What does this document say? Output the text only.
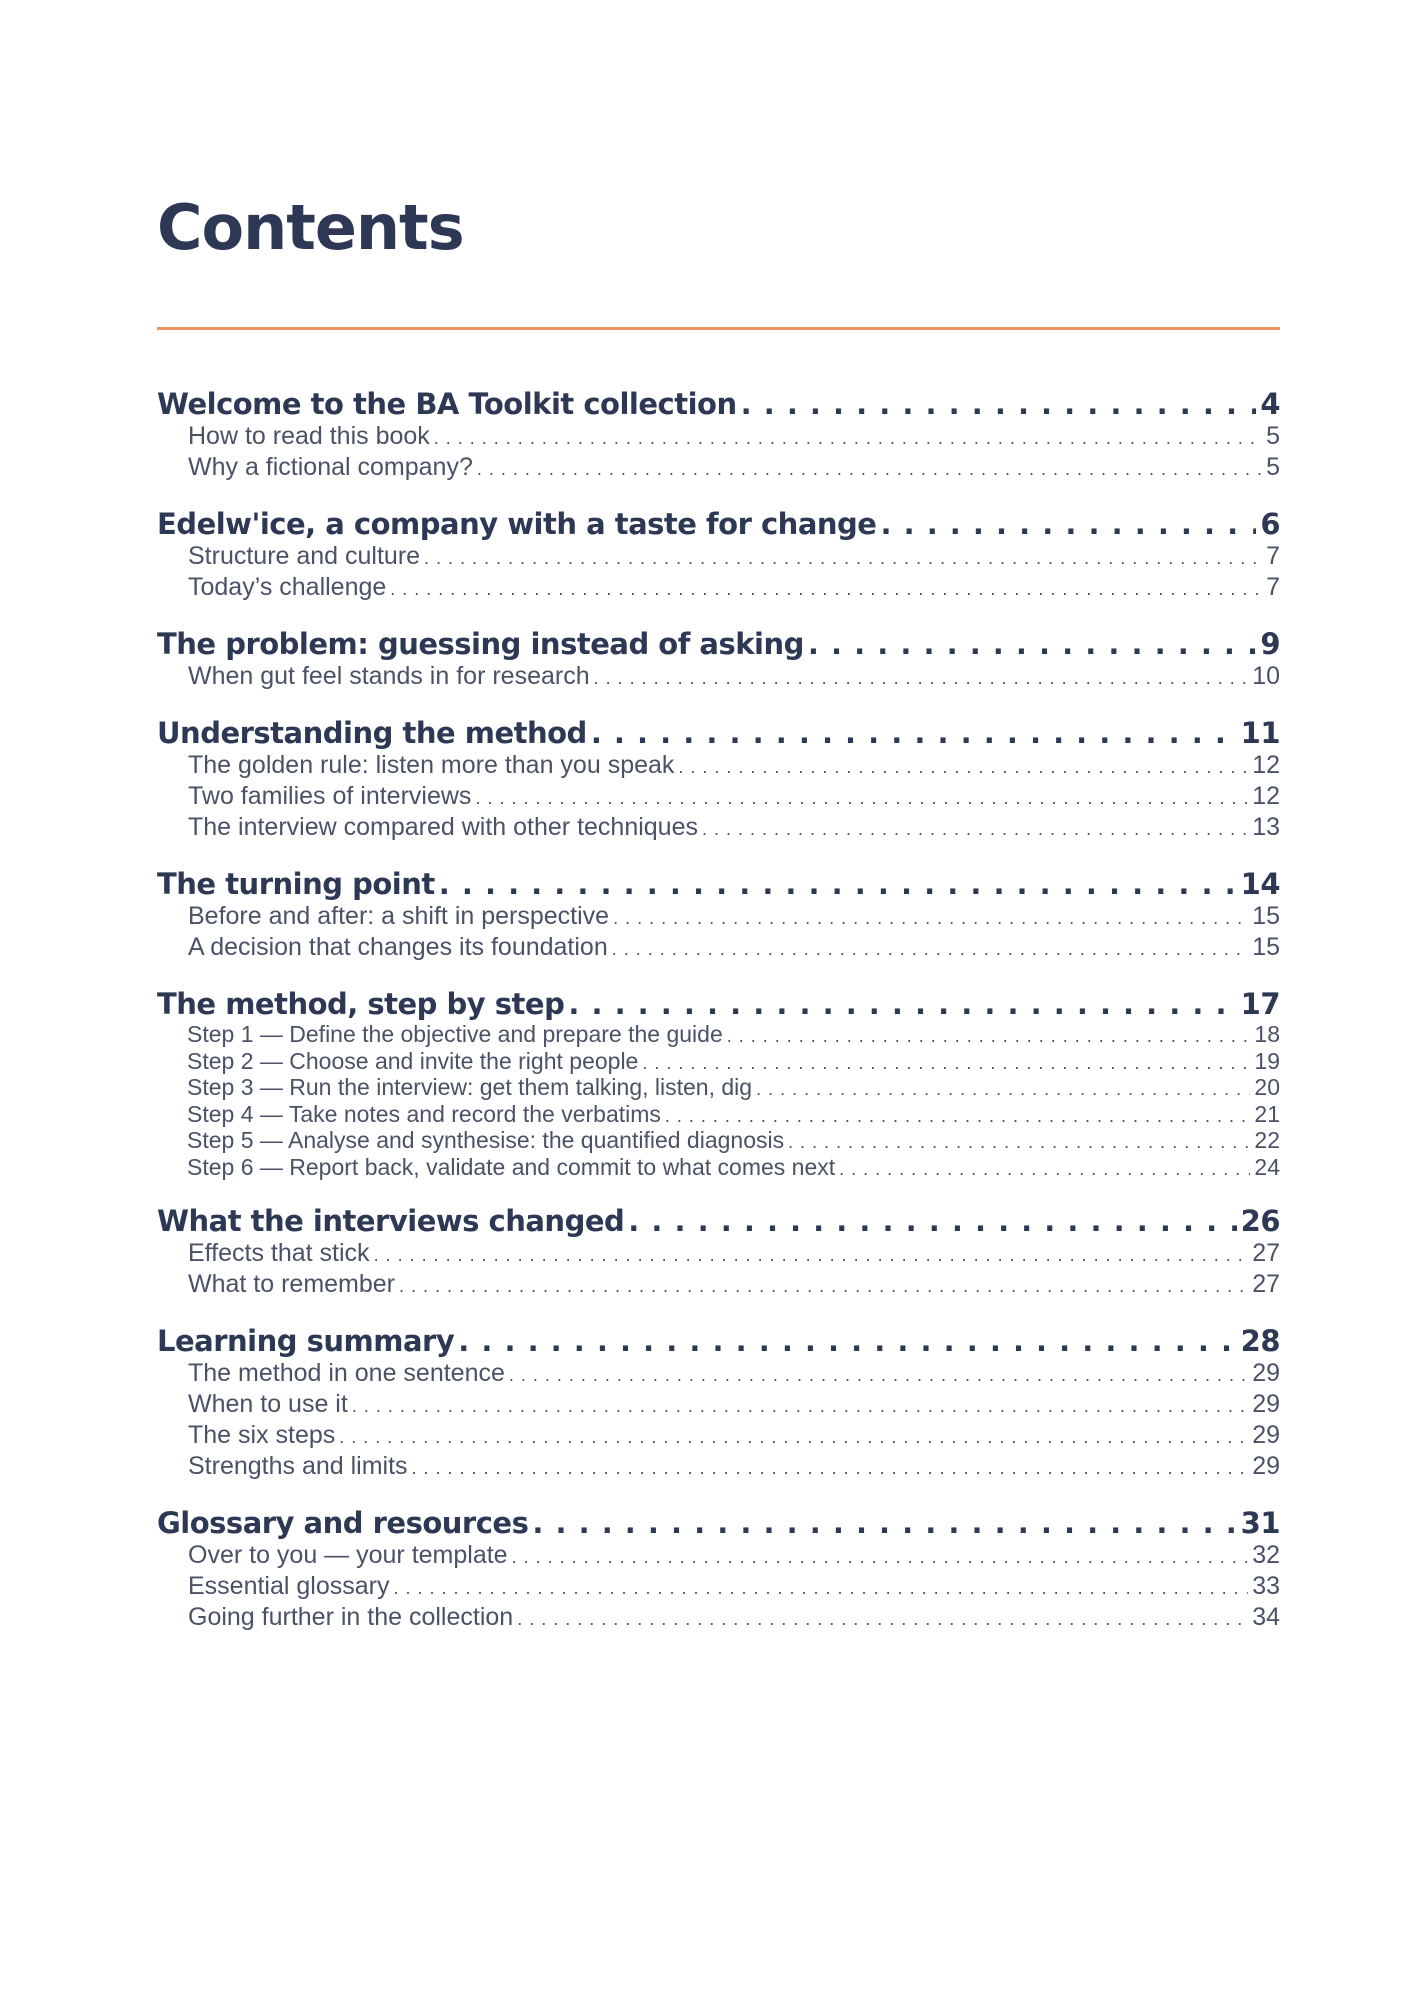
Contents
Welcome to the BA Toolkit collection . . .	4
How to read this book . . .	5
Why a fictional company? . . .	5
Edelw'ice, a company with a taste for change . . .	6
Structure and culture . . .	7
Today’s challenge . . .	7
The problem: guessing instead of asking . . .	9
When gut feel stands in for research . . .	10
Understanding the method . . .	11
The golden rule: listen more than you speak . . .	12
Two families of interviews . . .	12
The interview compared with other techniques . . .	13
The turning point . . .	14
Before and after: a shift in perspective . . .	15
A decision that changes its foundation . . .	15
The method, step by step . . .	17
Step 1 — Define the objective and prepare the guide . . .	18
Step 2 — Choose and invite the right people . . .	19
Step 3 — Run the interview: get them talking, listen, dig . . .	20
Step 4 — Take notes and record the verbatims . . .	21
Step 5 — Analyse and synthesise: the quantified diagnosis . . .	22
Step 6 — Report back, validate and commit to what comes next . . .	24
What the interviews changed . . .	26
Effects that stick . . .	27
What to remember . . .	27
Learning summary . . .	28
The method in one sentence . . .	29
When to use it . . .	29
The six steps . . .	29
Strengths and limits . . .	29
Glossary and resources . . .	31
Over to you — your template . . .	32
Essential glossary . . .	33
Going further in the collection . . .	34
